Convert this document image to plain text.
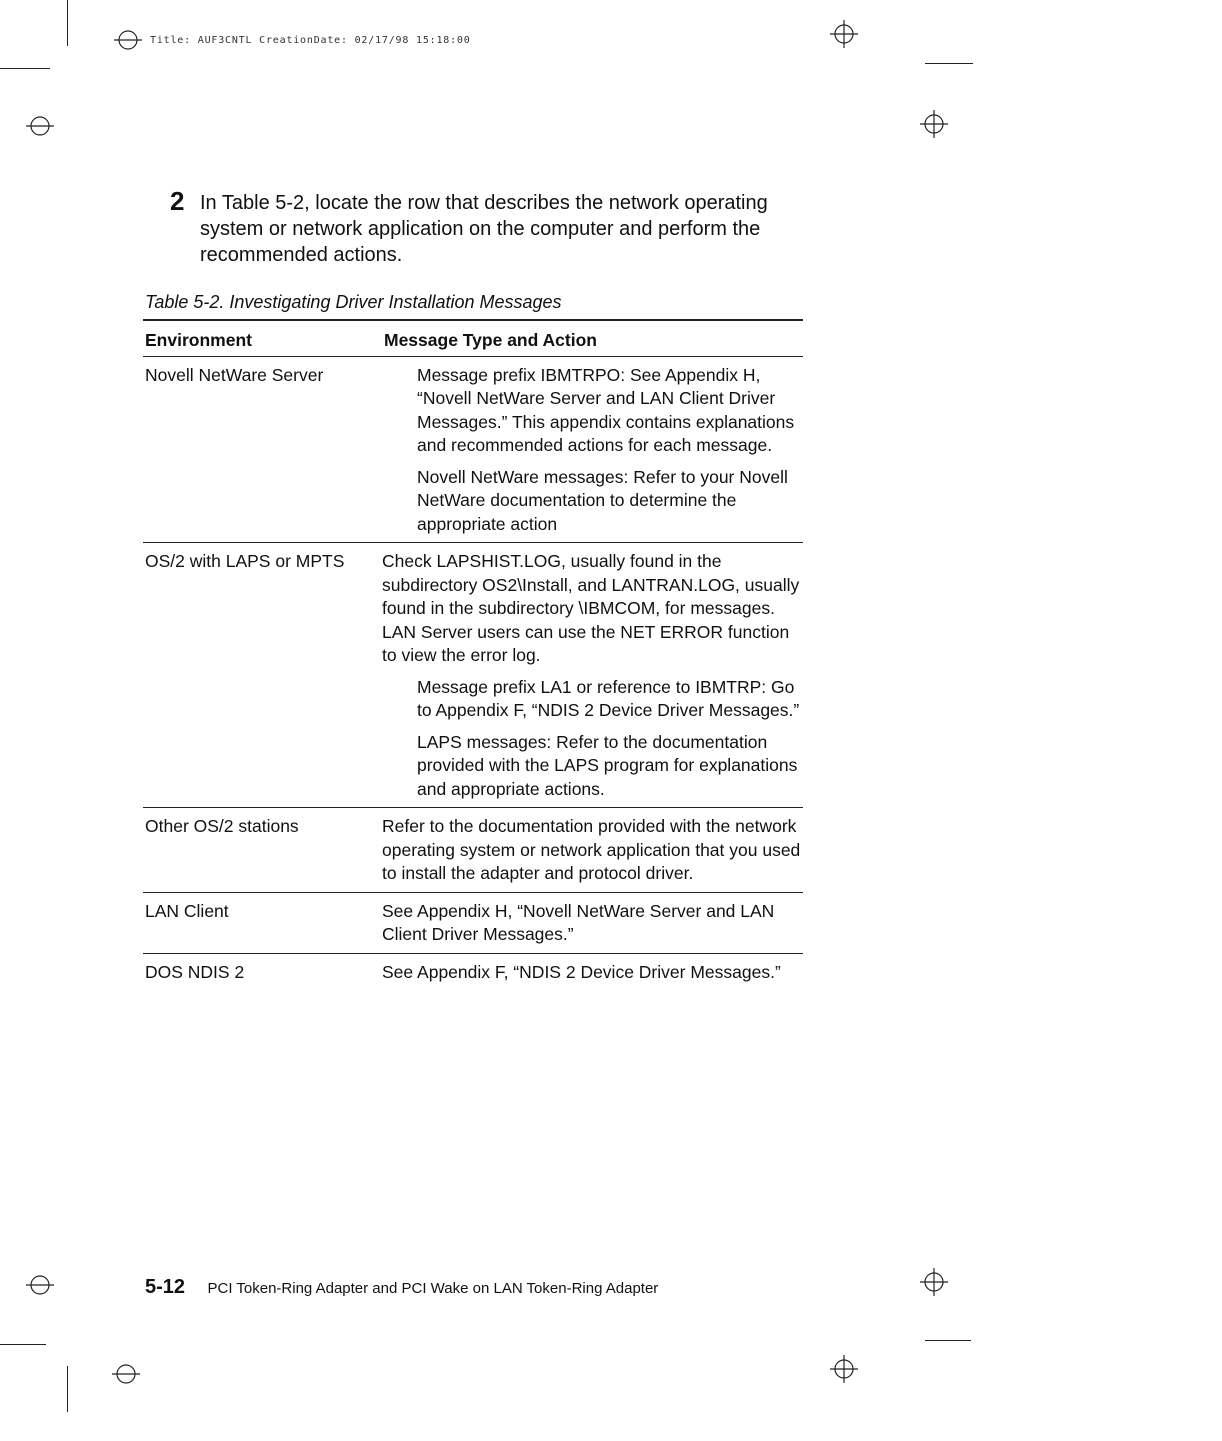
Title: AUF3CNTL CreationDate: 02/17/98 15:18:00
2 In Table 5-2, locate the row that describes the network operating system or network application on the computer and perform the recommended actions.
Table 5-2. Investigating Driver Installation Messages
Environment	Message Type and Action
Novell NetWare Server	Message prefix IBMTRPO: See Appendix H, “Novell NetWare Server and LAN Client Driver Messages.” This appendix contains explanations and recommended actions for each message.
Novell NetWare messages: Refer to your Novell NetWare documentation to determine the appropriate action

OS/2 with LAPS or MPTS	Check LAPSHIST.LOG, usually found in the subdirectory OS2\Install, and LANTRAN.LOG, usually found in the subdirectory \IBMCOM, for messages. LAN Server users can use the NET ERROR function to view the error log.
Message prefix LA1 or reference to IBMTRP: Go to Appendix F, “NDIS 2 Device Driver Messages.”
LAPS messages: Refer to the documentation provided with the LAPS program for explanations and appropriate actions.

Other OS/2 stations	Refer to the documentation provided with the network operating system or network application that you used to install the adapter and protocol driver.

LAN Client	See Appendix H, “Novell NetWare Server and LAN Client Driver Messages.”

DOS NDIS 2	See Appendix F, “NDIS 2 Device Driver Messages.”
5-12 PCI Token-Ring Adapter and PCI Wake on LAN Token-Ring Adapter
